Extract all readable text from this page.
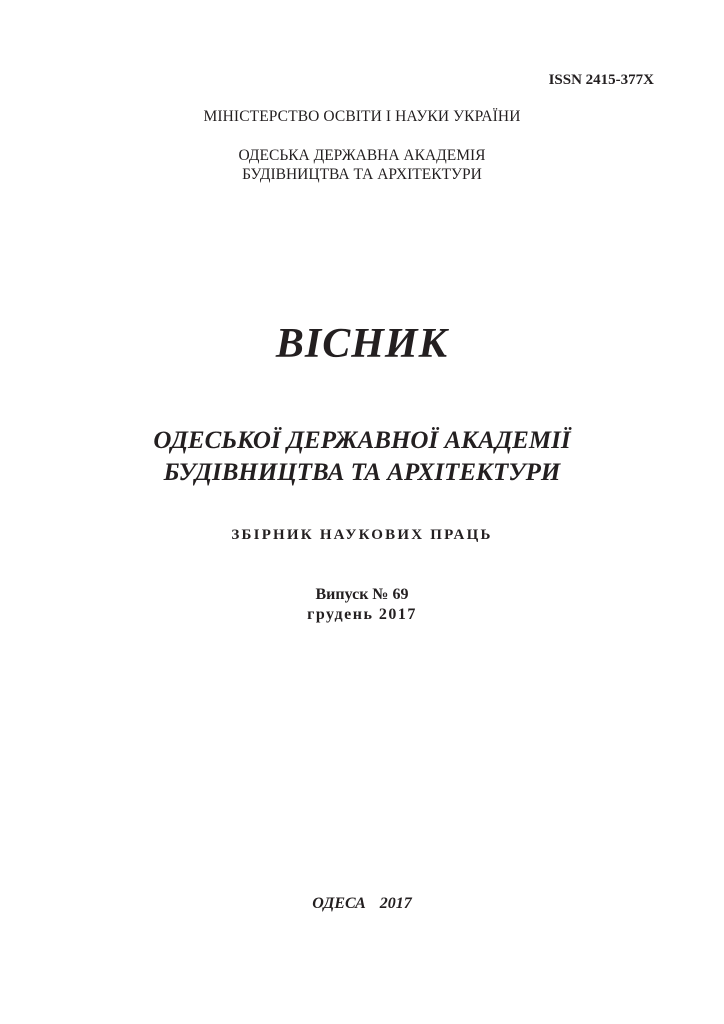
ISSN 2415-377X
МІНІСТЕРСТВО ОСВІТИ І НАУКИ УКРАЇНИ
ОДЕСЬКА ДЕРЖАВНА АКАДЕМІЯ
БУДІВНИЦТВА ТА АРХІТЕКТУРИ
ВІСНИК
ОДЕСЬКОЇ ДЕРЖАВНОЇ АКАДЕМІЇ
БУДІВНИЦТВА ТА АРХІТЕКТУРИ
ЗБІРНИК НАУКОВИХ ПРАЦЬ
Випуск № 69
грудень 2017
ОДЕСА  2017
